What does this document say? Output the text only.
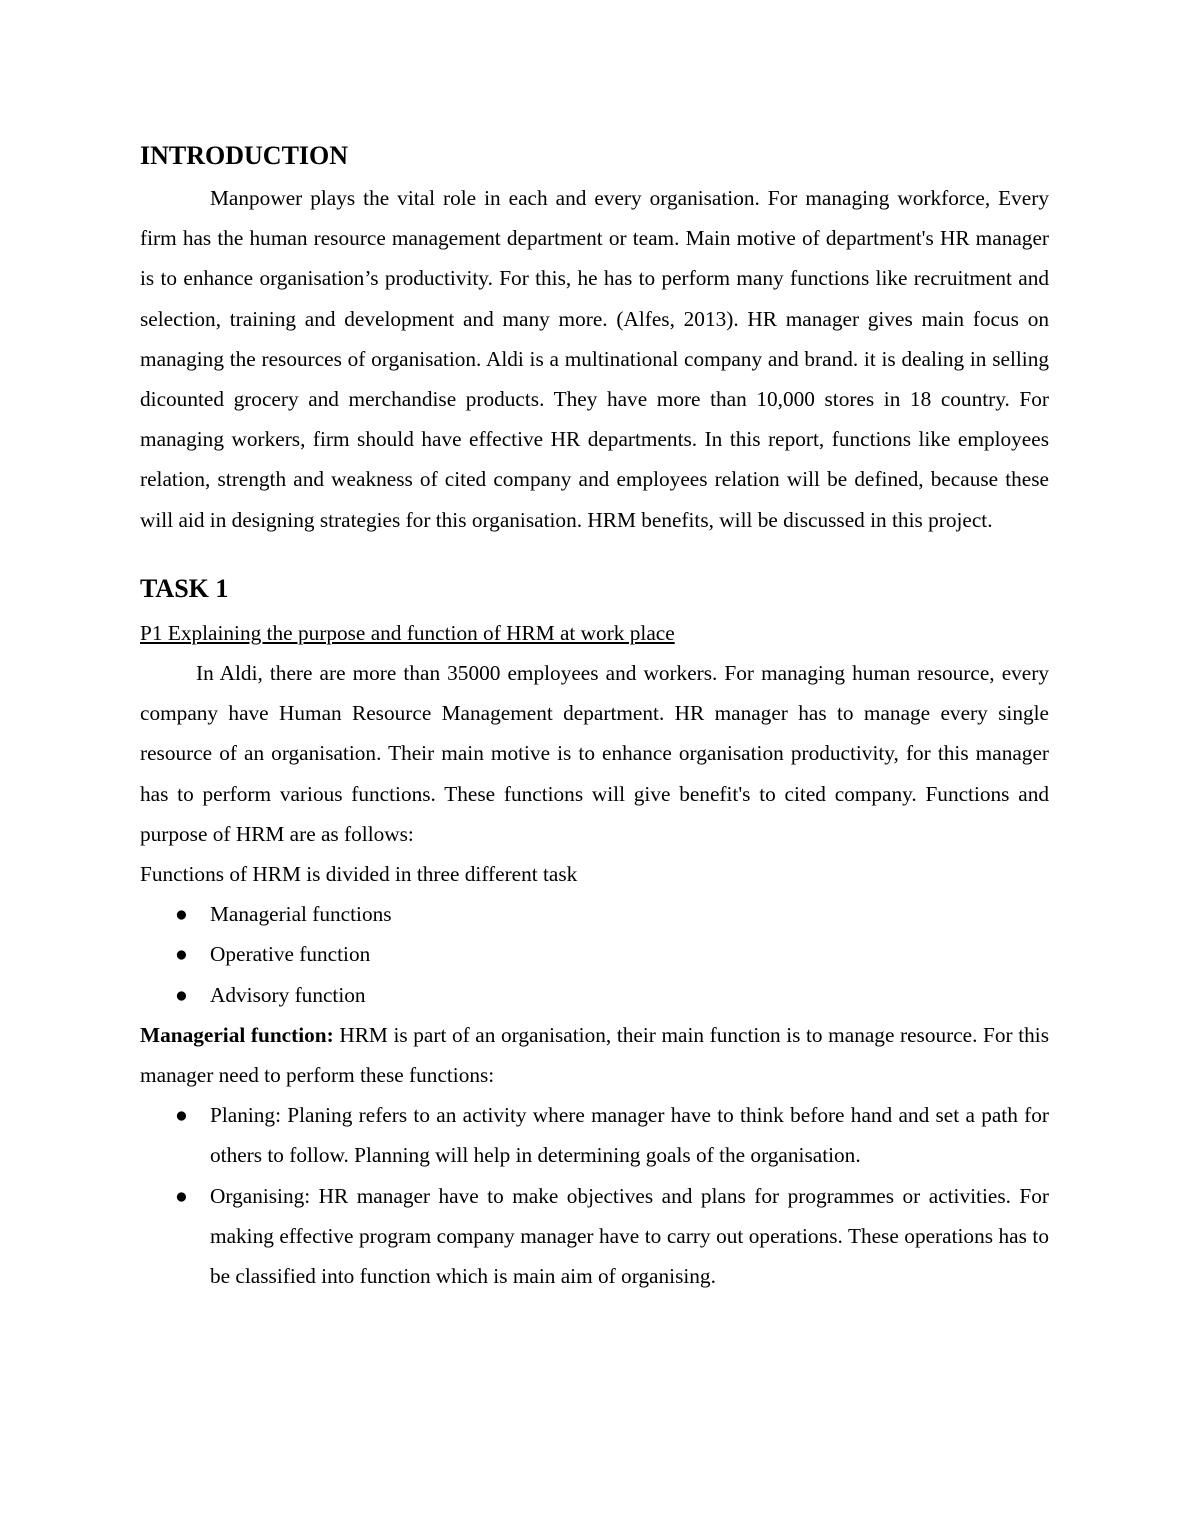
INTRODUCTION

Manpower plays the vital role in each and every organisation. For managing workforce, Every firm has the human resource management department or team. Main motive of department's HR manager is to enhance organisation’s productivity. For this, he has to perform many functions like recruitment and selection, training and development and many more. (Alfes, 2013). HR manager gives main focus on managing the resources of organisation. Aldi is a multinational company and brand. it is dealing in selling dicounted grocery and merchandise products. They have more than 10,000 stores in 18 country. For managing workers, firm should have effective HR departments. In this report, functions like employees relation, strength and weakness of cited company and employees relation will be defined, because these will aid in designing strategies for this organisation. HRM benefits, will be discussed in this project.

TASK 1

P1 Explaining the purpose and function of HRM at work place

In Aldi, there are more than 35000 employees and workers. For managing human resource, every company have Human Resource Management department. HR manager has to manage every single resource of an organisation. Their main motive is to enhance organisation productivity, for this manager has to perform various functions. These functions will give benefit's to cited company. Functions and purpose of HRM are as follows:

Functions of HRM is divided in three different task

● Managerial functions
● Operative function
● Advisory function

Managerial function: HRM is part of an organisation, their main function is to manage resource. For this manager need to perform these functions:

● Planing: Planing refers to an activity where manager have to think before hand and set a path for others to follow. Planning will help in determining goals of the organisation.
● Organising: HR manager have to make objectives and plans for programmes or activities. For making effective program company manager have to carry out operations. These operations has to be classified into function which is main aim of organising.
